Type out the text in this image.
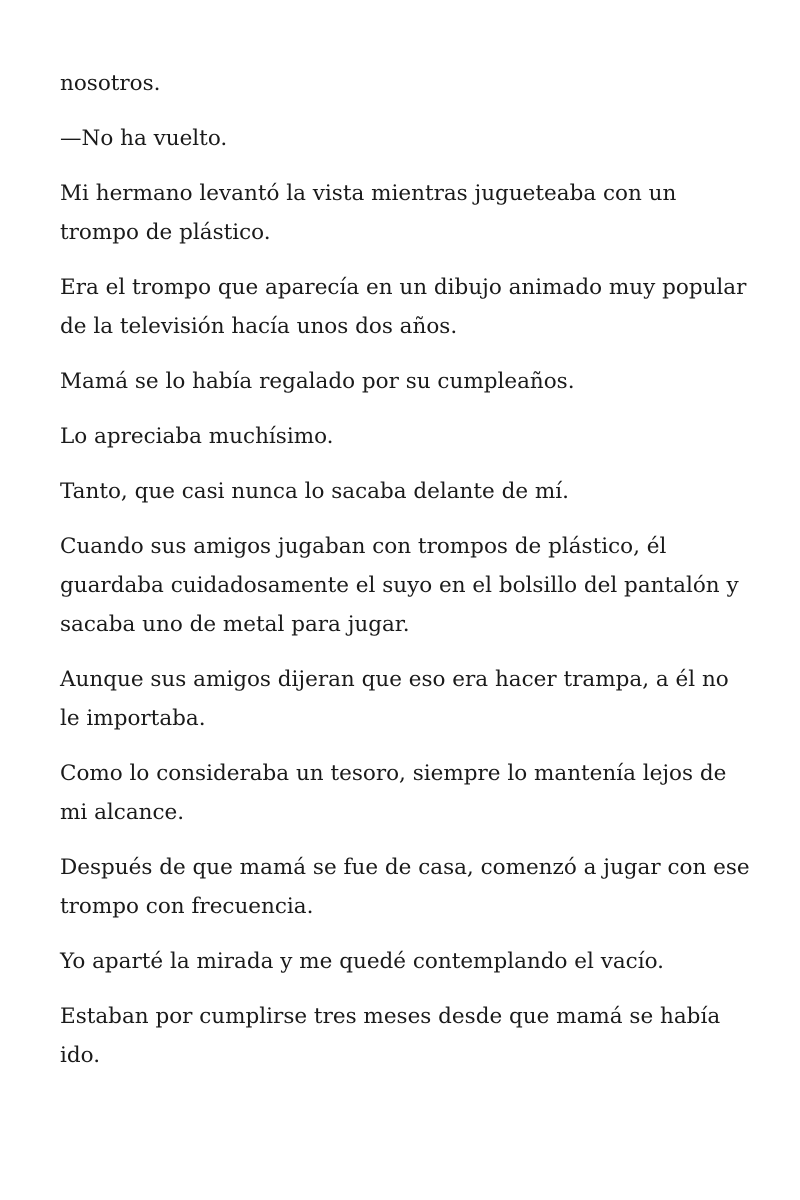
nosotros.

—No ha vuelto.

Mi hermano levantó la vista mientras jugueteaba con un trompo de plástico.

Era el trompo que aparecía en un dibujo animado muy popular de la televisión hacía unos dos años.

Mamá se lo había regalado por su cumpleaños.

Lo apreciaba muchísimo.

Tanto, que casi nunca lo sacaba delante de mí.

Cuando sus amigos jugaban con trompos de plástico, él guardaba cuidadosamente el suyo en el bolsillo del pantalón y sacaba uno de metal para jugar.

Aunque sus amigos dijeran que eso era hacer trampa, a él no le importaba.

Como lo consideraba un tesoro, siempre lo mantenía lejos de mi alcance.

Después de que mamá se fue de casa, comenzó a jugar con ese trompo con frecuencia.

Yo aparté la mirada y me quedé contemplando el vacío.

Estaban por cumplirse tres meses desde que mamá se había ido.
